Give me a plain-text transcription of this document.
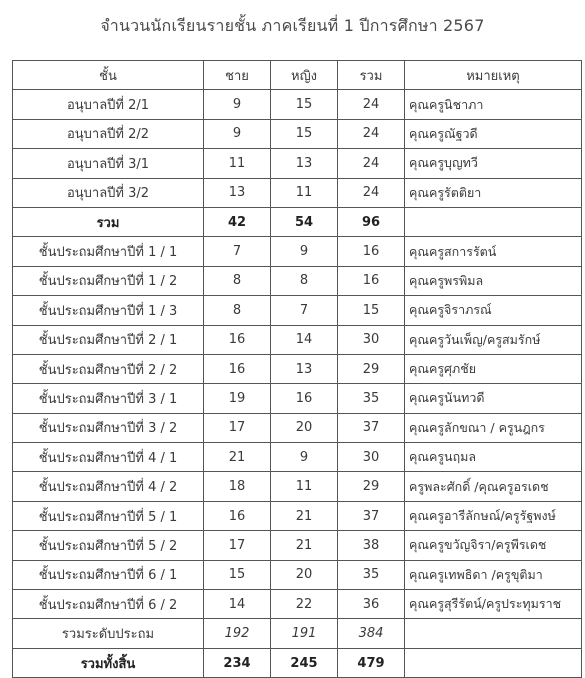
จำนวนนักเรียนรายชั้น ภาคเรียนที่ 1 ปีการศึกษา 2567
ชั้น	ชาย	หญิง	รวม	หมายเหตุ
อนุบาลปีที่ 2/1	9	15	24	คุณครูนิชาภา
อนุบาลปีที่ 2/2	9	15	24	คุณครูณัฐวดี
อนุบาลปีที่ 3/1	11	13	24	คุณครูบุญทวี
อนุบาลปีที่ 3/2	13	11	24	คุณครูรัตติยา
รวม	42	54	96	
ชั้นประถมศึกษาปีที่ 1 / 1	7	9	16	คุณครูสการรัตน์
ชั้นประถมศึกษาปีที่ 1 / 2	8	8	16	คุณครูพรพิมล
ชั้นประถมศึกษาปีที่ 1 / 3	8	7	15	คุณครูจิราภรณ์
ชั้นประถมศึกษาปีที่ 2 / 1	16	14	30	คุณครูวันเพ็ญ/ครูสมรักษ์
ชั้นประถมศึกษาปีที่ 2 / 2	16	13	29	คุณครูศุภชัย
ชั้นประถมศึกษาปีที่ 3 / 1	19	16	35	คุณครูนันทวดี
ชั้นประถมศึกษาปีที่ 3 / 2	17	20	37	คุณครูลักขณา / ครูนฎกร
ชั้นประถมศึกษาปีที่ 4 / 1	21	9	30	คุณครูนฤมล
ชั้นประถมศึกษาปีที่ 4 / 2	18	11	29	ครูพละศักดิ์ /คุณครูอรเดช
ชั้นประถมศึกษาปีที่ 5 / 1	16	21	37	คุณครูอารีลักษณ์/ครูรัฐพงษ์
ชั้นประถมศึกษาปีที่ 5 / 2	17	21	38	คุณครูขวัญจิรา/ครูพีรเดช
ชั้นประถมศึกษาปีที่ 6 / 1	15	20	35	คุณครูเทพธิดา /ครูขุติมา
ชั้นประถมศึกษาปีที่ 6 / 2	14	22	36	คุณครูสุรีรัตน์/ครูประทุมราช
รวมระดับประถม	192	191	384	
รวมทั้งสิ้น	234	245	479	
